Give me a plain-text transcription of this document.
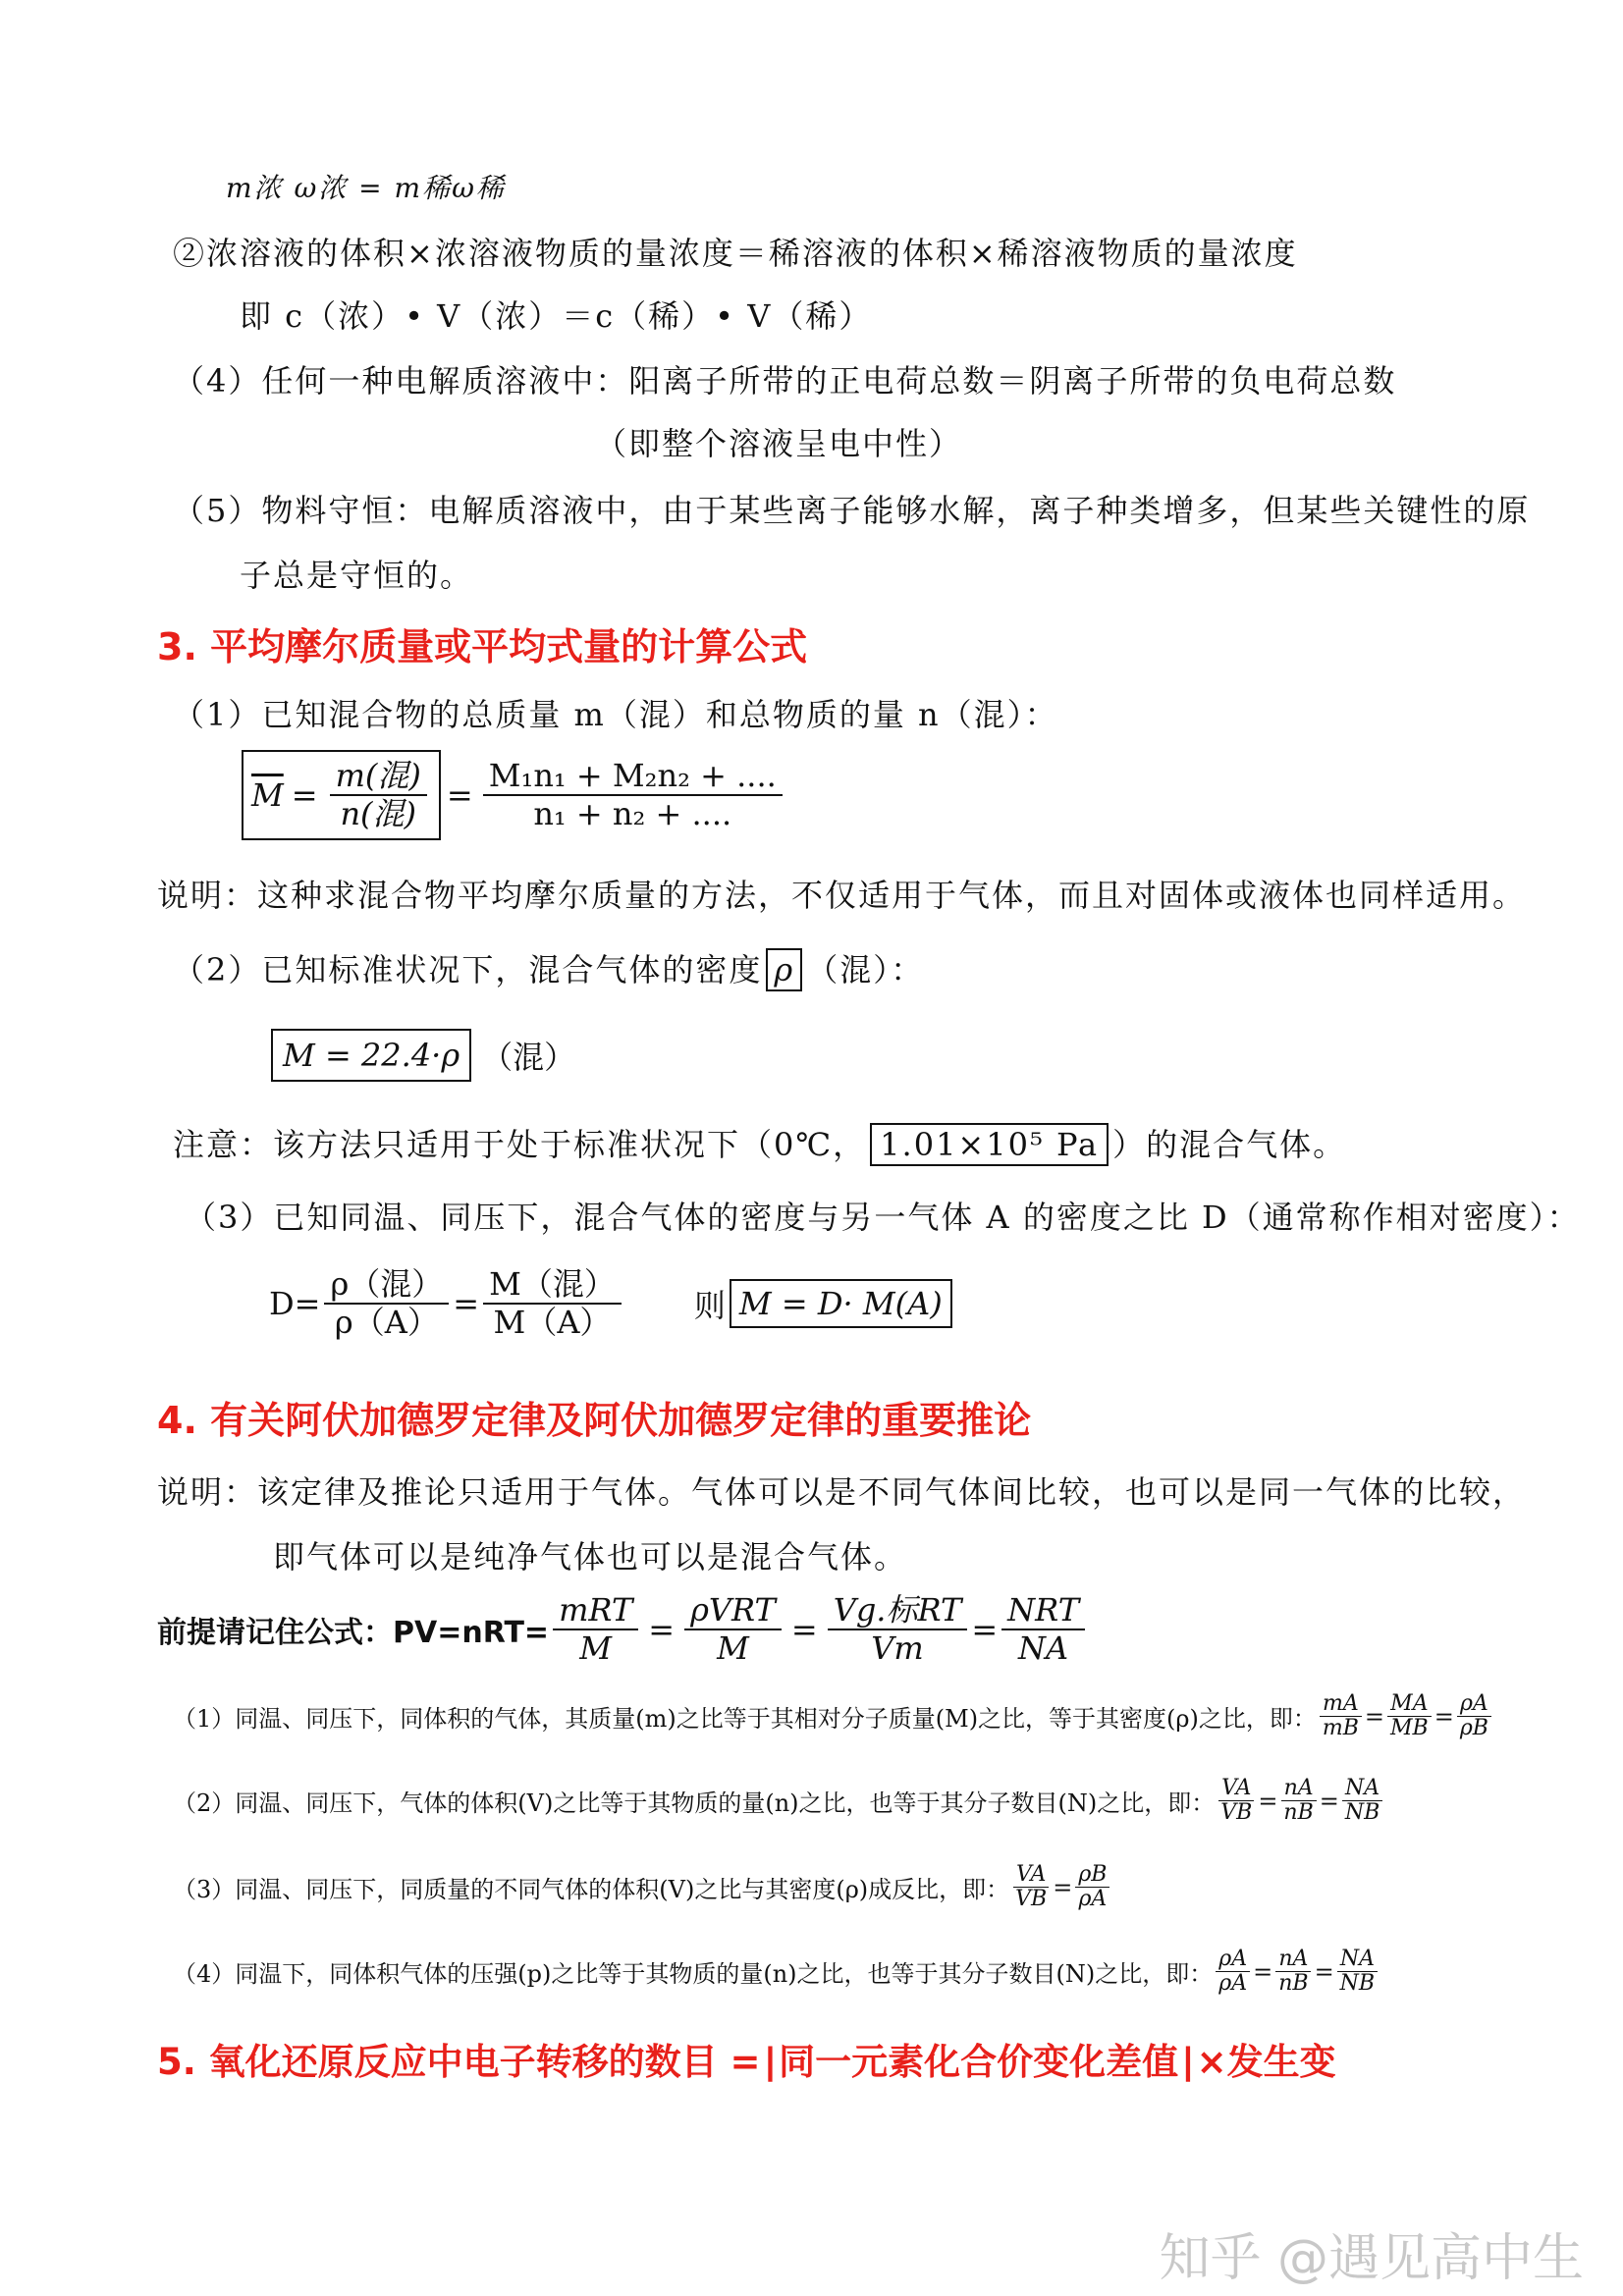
m浓 ω浓 = m稀ω稀
②浓溶液的体积×浓溶液物质的量浓度＝稀溶液的体积×稀溶液物质的量浓度
即 c（浓）• V（浓）＝c（稀）• V（稀）
（4）任何一种电解质溶液中：阳离子所带的正电荷总数＝阴离子所带的负电荷总数
（即整个溶液呈电中性）
（5）物料守恒：电解质溶液中，由于某些离子能够水解，离子种类增多，但某些关键性的原
子总是守恒的。
3. 平均摩尔质量或平均式量的计算公式
（1）已知混合物的总质量 m（混）和总物质的量 n（混）：
$\overline{M} = \frac{\text{m(混)}}{\text{n(混)}} = \frac{\text{M₁n₁ + M₂n₂ + ....}}{\text{n₁ + n₂ + ....}}$
说明：这种求混合物平均摩尔质量的方法，不仅适用于气体，而且对固体或液体也同样适用。
（2）已知标准状况下，混合气体的密度 ρ （混）：
M = 22.4·ρ （混）
注意：该方法只适用于处于标准状况下（0℃， 1.01×10⁵ Pa ）的混合气体。
（3）已知同温、同压下，混合气体的密度与另一气体 A 的密度之比 D（通常称作相对密度）：
$D= \frac{\text{ρ（混）}}{\rho(A)} = \frac{\text{M（混）}}{M(A)}$ 则 M = D· M(A)
4. 有关阿伏加德罗定律及阿伏加德罗定律的重要推论
说明：该定律及推论只适用于气体。气体可以是不同气体间比较，也可以是同一气体的比较，
即气体可以是纯净气体也可以是混合气体。
前提请记住公式：$PV=nRT= \frac{\text{mRT}}{M} = \frac{\text{ρVRT}}{M} = \frac{\text{Vg.标RT}}{Vm} = \frac{\text{NRT}}{NA}$
（1）同温、同压下，同体积的气体，其质量(m)之比等于其相对分子质量(M)之比，等于其密度(ρ)之比，即： $\frac{mA}{mB} = \frac{MA}{MB} = \frac{\rho A}{\rho B}$
（2）同温、同压下，气体的体积(V)之比等于其物质的量(n)之比，也等于其分子数目(N)之比，即： $\frac{VA}{VB} = \frac{nA}{nB} = \frac{NA}{NB}$
（3）同温、同压下，同质量的不同气体的体积(V)之比与其密度(ρ)成反比，即： $\frac{VA}{VB} = \frac{\rho B}{\rho A}$
（4）同温下，同体积气体的压强(p)之比等于其物质的量(n)之比，也等于其分子数目(N)之比，即： $\frac{\rho A}{\rho A} = \frac{nA}{nB} = \frac{NA}{NB}$
5. 氧化还原反应中电子转移的数目 =∣同一元素化合价变化差值∣×发生变
知乎 @遇见高中生
